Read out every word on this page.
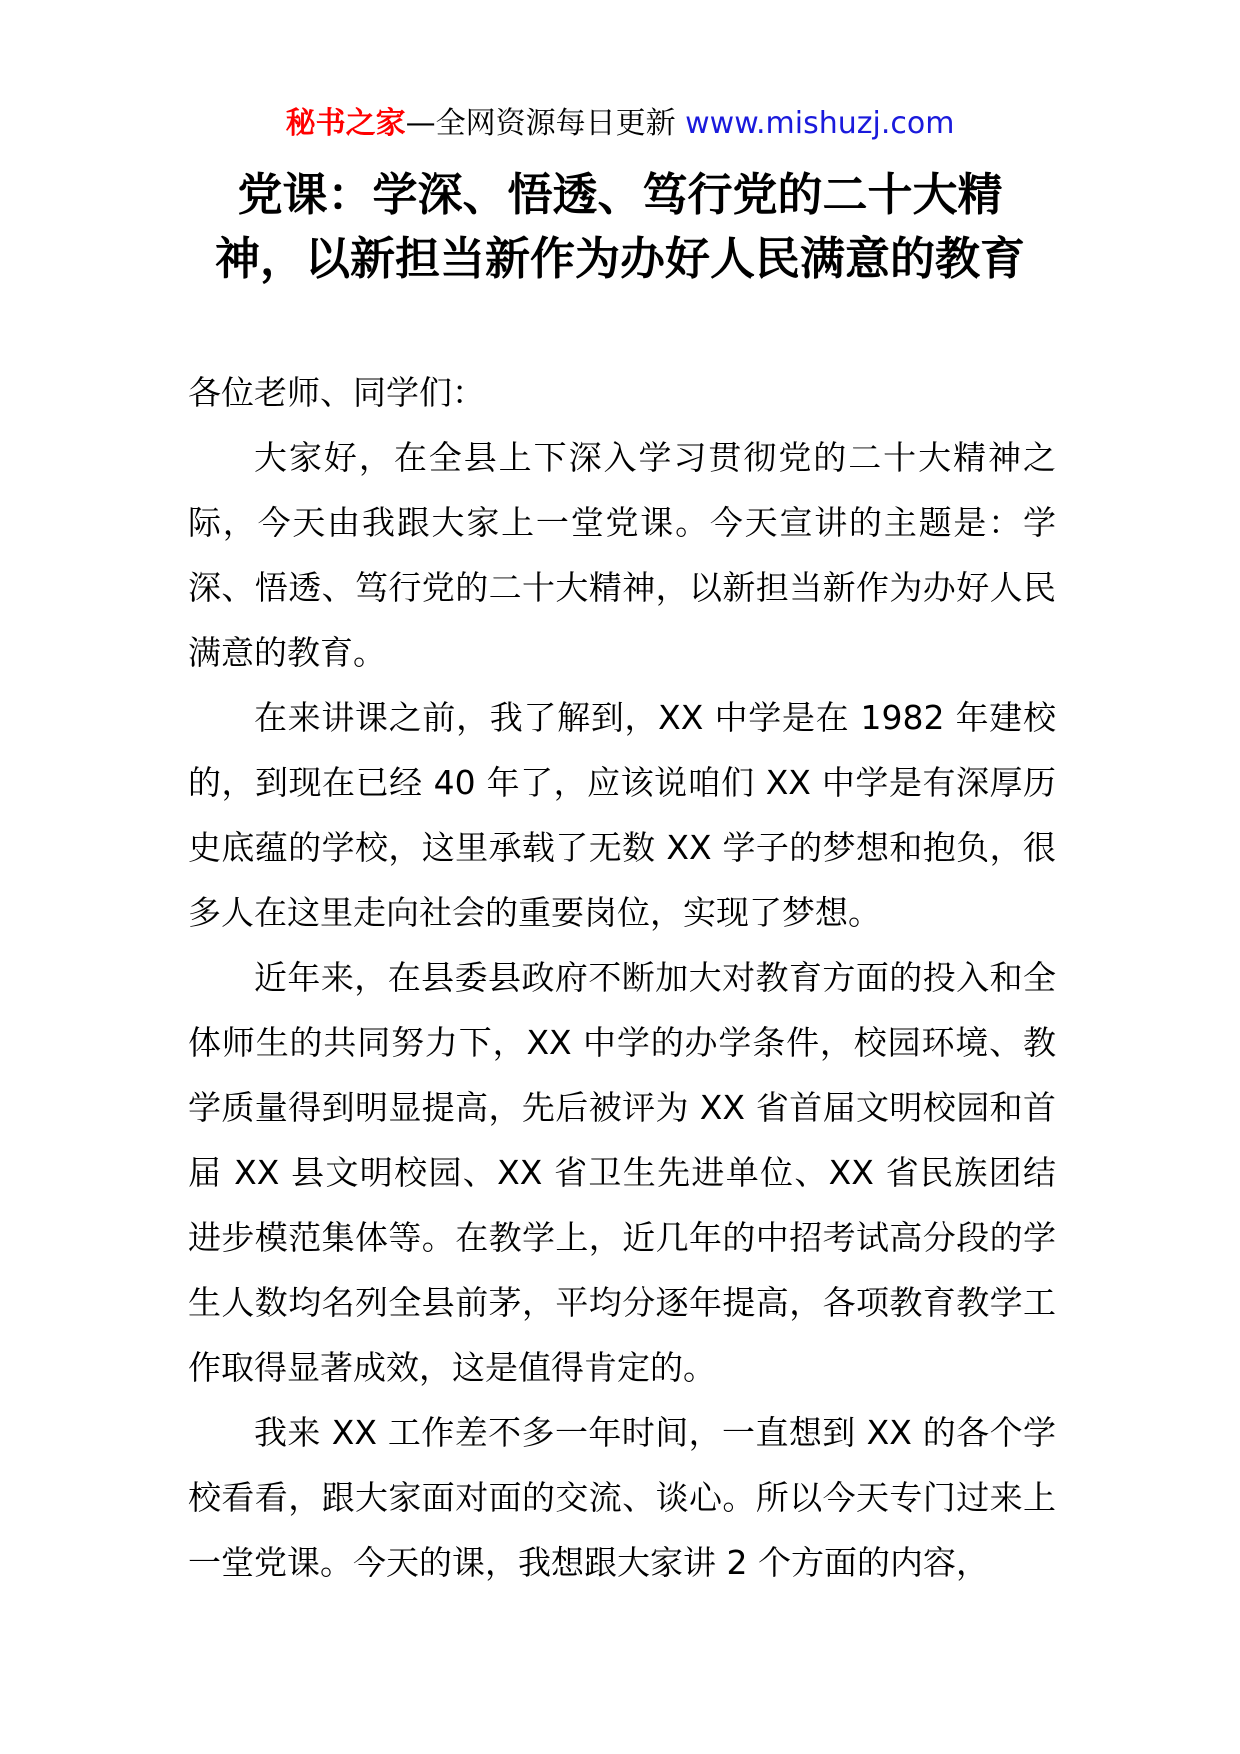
秘书之家—全网资源每日更新 www.mishuzj.com
党课：学深、悟透、笃行党的二十大精
神，以新担当新作为办好人民满意的教育

各位老师、同学们：

大家好，在全县上下深入学习贯彻党的二十大精神之际，今天由我跟大家上一堂党课。今天宣讲的主题是：学深、悟透、笃行党的二十大精神，以新担当新作为办好人民满意的教育。

在来讲课之前，我了解到，XX 中学是在 1982 年建校的，到现在已经 40 年了，应该说咱们 XX 中学是有深厚历史底蕴的学校，这里承载了无数 XX 学子的梦想和抱负，很多人在这里走向社会的重要岗位，实现了梦想。

近年来，在县委县政府不断加大对教育方面的投入和全体师生的共同努力下，XX 中学的办学条件，校园环境、教学质量得到明显提高，先后被评为 XX 省首届文明校园和首届 XX 县文明校园、XX 省卫生先进单位、XX 省民族团结进步模范集体等。在教学上，近几年的中招考试高分段的学生人数均名列全县前茅，平均分逐年提高，各项教育教学工作取得显著成效，这是值得肯定的。

我来 XX 工作差不多一年时间，一直想到 XX 的各个学校看看，跟大家面对面的交流、谈心。所以今天专门过来上一堂党课。今天的课，我想跟大家讲 2 个方面的内容，
